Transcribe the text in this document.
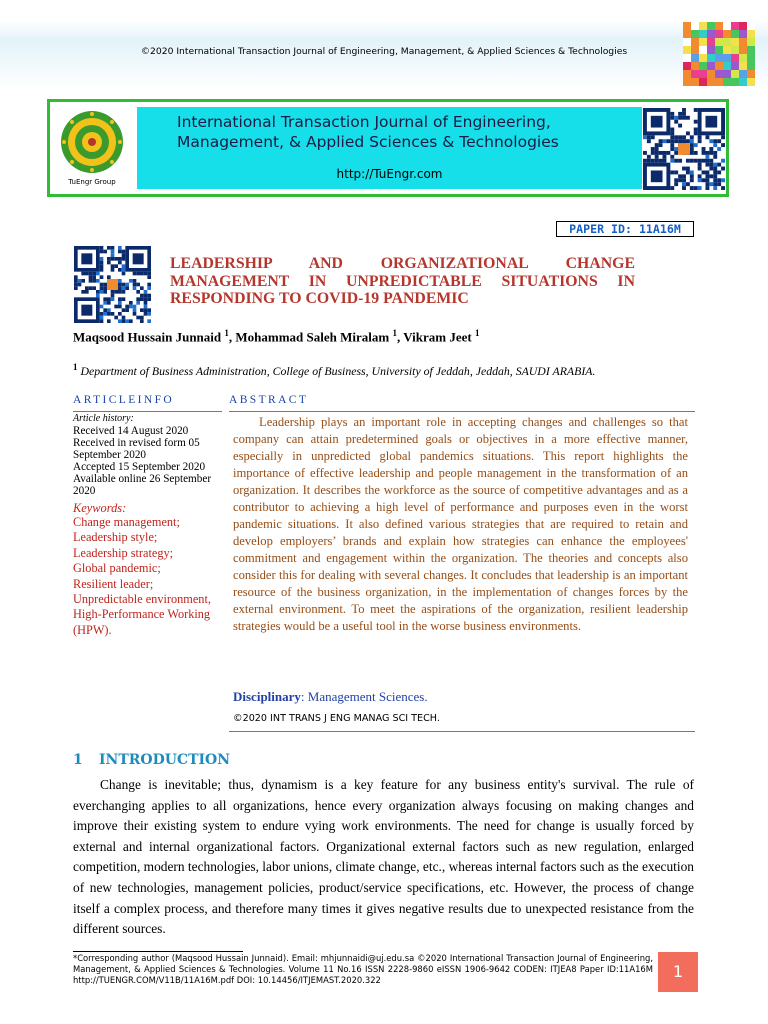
©2020 International Transaction Journal of Engineering, Management, & Applied Sciences & Technologies
TuEngr Group
International Transaction Journal of Engineering,
Management, & Applied Sciences & Technologies
http://TuEngr.com
PAPER ID: 11A16M
LEADERSHIP AND ORGANIZATIONAL CHANGE MANAGEMENT IN UNPREDICTABLE SITUATIONS IN RESPONDING TO COVID-19 PANDEMIC
Maqsood Hussain Junnaid $^1$, Mohammad Saleh Miralam $^1$, Vikram Jeet $^1$
$^1$ Department of Business Administration, College of Business, University of Jeddah, Jeddah, SAUDI ARABIA.
ARTICLEINFO	ABSTRACT
Article history:
Received 14 August 2020
Received in revised form 05 September 2020
Accepted 15 September 2020
Available online 26 September 2020
Keywords:
Change management;
Leadership style;
Leadership strategy;
Global pandemic;
Resilient leader;
Unpredictable environment,
High-Performance Working (HPW).
Leadership plays an important role in accepting changes and challenges so that company can attain predetermined goals or objectives in a more effective manner, especially in unpredicted global pandemics situations. This report highlights the importance of effective leadership and people management in the transformation of an organization. It describes the workforce as the source of competitive advantages and as a contributor to achieving a high level of performance and purposes even in the worst pandemic situations. It also defined various strategies that are required to retain and develop employers’ brands and explain how strategies can enhance the employees' commitment and engagement within the organization. The theories and concepts also consider this for dealing with several changes. It concludes that leadership is an important resource of the business organization, in the implementation of changes forces by the external environment. To meet the aspirations of the organization, resilient leadership strategies would be a useful tool in the worse business environments.
Disciplinary: Management Sciences.
©2020 INT TRANS J ENG MANAG SCI TECH.
1 INTRODUCTION
Change is inevitable; thus, dynamism is a key feature for any business entity's survival. The rule of everchanging applies to all organizations, hence every organization always focusing on making changes and improve their existing system to endure vying work environments. The need for change is usually forced by external and internal organizational factors. Organizational external factors such as new regulation, enlarged competition, modern technologies, labor unions, climate change, etc., whereas internal factors such as the execution of new technologies, management policies, product/service specifications, etc. However, the process of change itself a complex process, and therefore many times it gives negative results due to unexpected resistance from the different sources.
*Corresponding author (Maqsood Hussain Junnaid). Email: mhjunnaidi@uj.edu.sa ©2020 International Transaction Journal of Engineering, Management, & Applied Sciences & Technologies. Volume 11 No.16 ISSN 2228-9860 eISSN 1906-9642 CODEN: ITJEA8 Paper ID:11A16M http://TUENGR.COM/V11B/11A16M.pdf DOI: 10.14456/ITJEMAST.2020.322	1
